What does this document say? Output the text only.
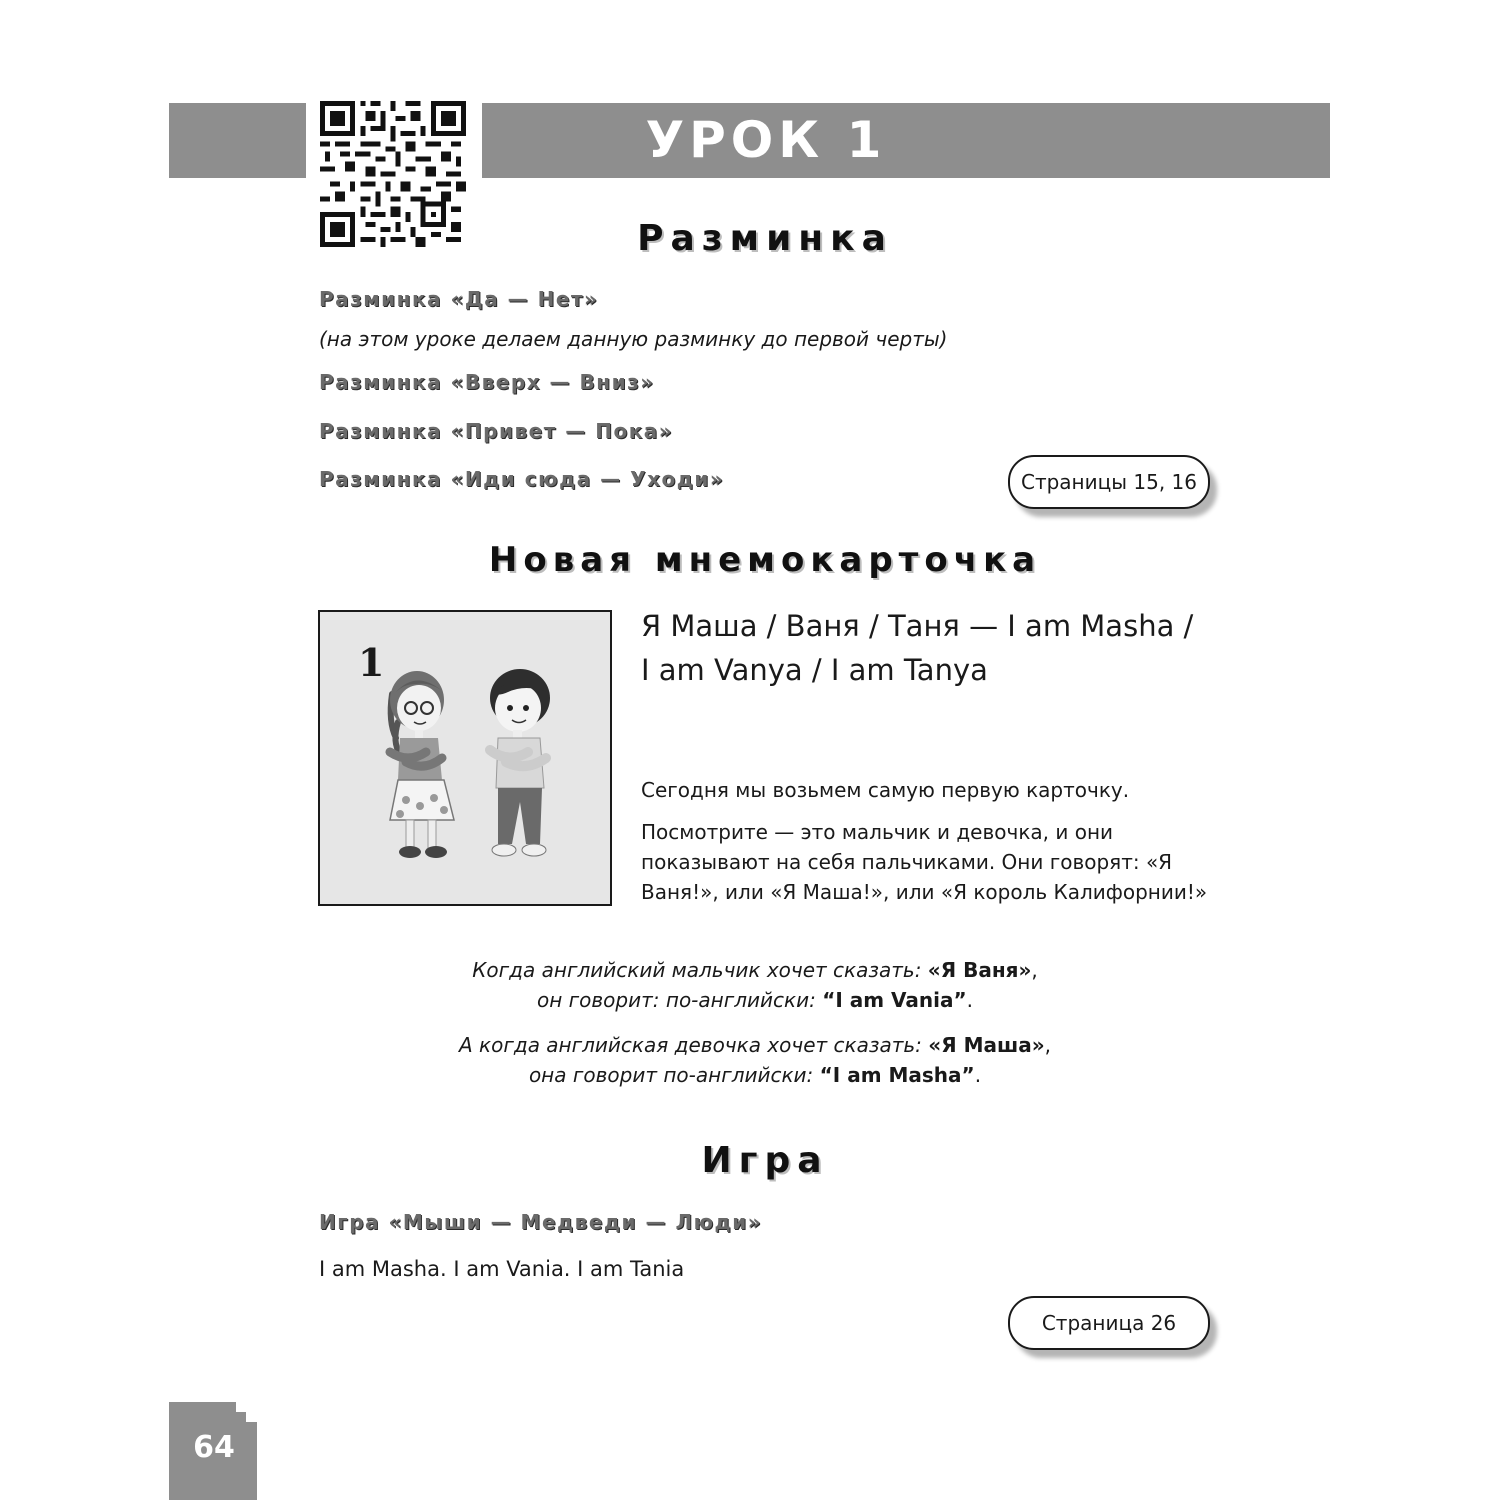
УРОК 1
Разминка
Разминка «Да — Нет»
(на этом уроке делаем данную разминку до первой черты)
Разминка «Вверх — Вниз»
Разминка «Привет — Пока»
Разминка «Иди сюда — Уходи»	Страницы 15, 16
Новая мнемокарточка
1
Я Маша / Ваня / Таня — I am Masha / I am Vanya / I am Tanya
Сегодня мы возьмем самую первую карточку.
Посмотрите — это мальчик и девочка, и они показывают на себя пальчиками. Они говорят: «Я Ваня!», или «Я Маша!», или «Я король Калифорнии!»
Когда английский мальчик хочет сказать: «Я Ваня»,
он говорит: по-английски: “I am Vania”.
А когда английская девочка хочет сказать: «Я Маша»,
она говорит по-английски: “I am Masha”.
Игра
Игра «Мыши — Медведи — Люди»
I am Masha. I am Vania. I am Tania
Страница 26
64
